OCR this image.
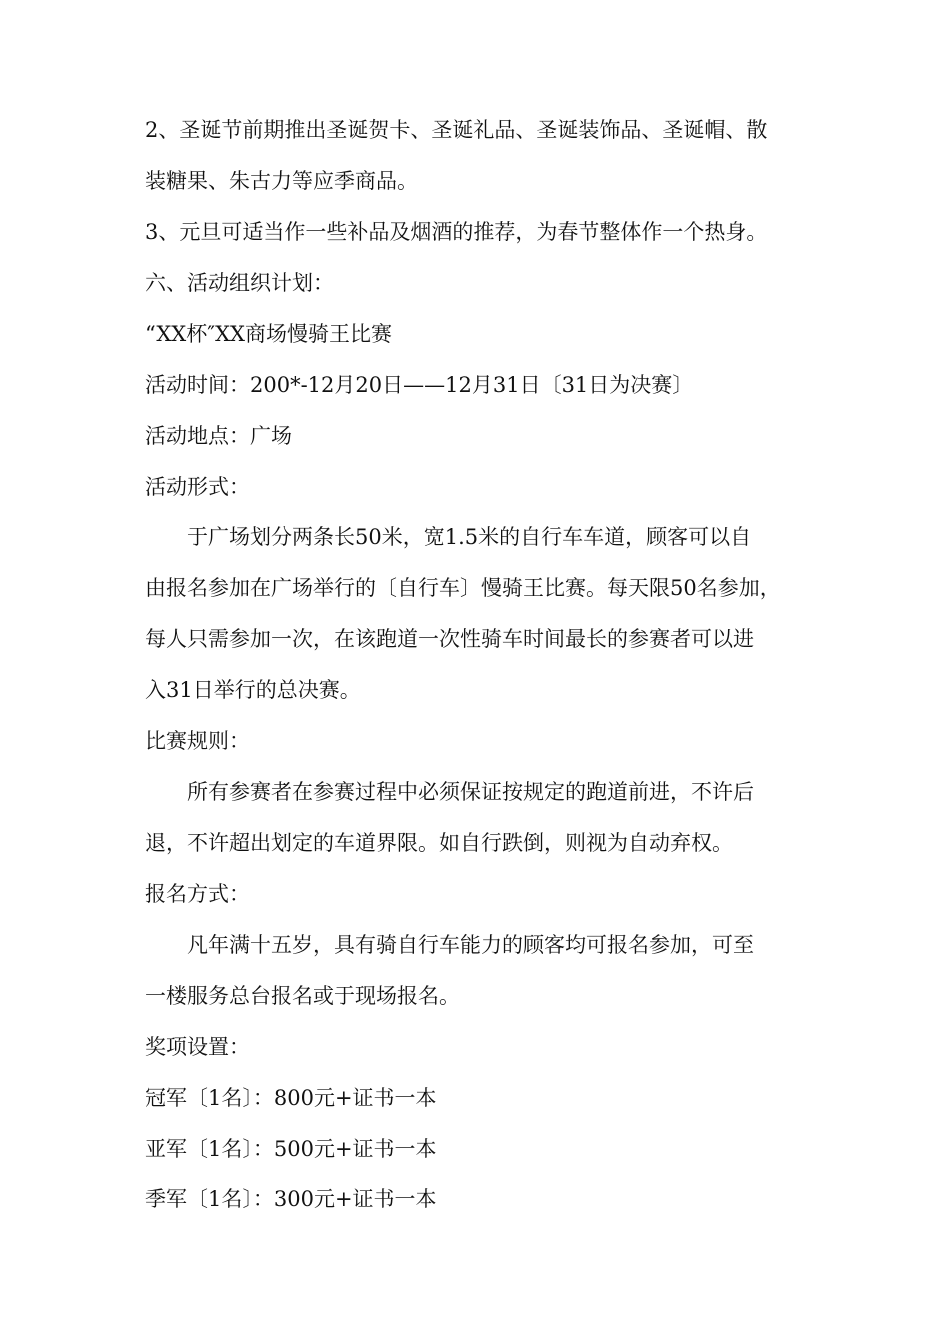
2、圣诞节前期推出圣诞贺卡、圣诞礼品、圣诞装饰品、圣诞帽、散
装糖果、朱古力等应季商品。
3、元旦可适当作一些补品及烟酒的推荐，为春节整体作一个热身。
六、活动组织计划：
“XX杯″XX商场慢骑王比赛
活动时间：200*-12月20日——12月31日〔31日为决赛〕
活动地点：广场
活动形式：
于广场划分两条长50米，宽1.5米的自行车车道，顾客可以自
由报名参加在广场举行的〔自行车〕慢骑王比赛。每天限50名参加，
每人只需参加一次，在该跑道一次性骑车时间最长的参赛者可以进
入31日举行的总决赛。
比赛规则：
所有参赛者在参赛过程中必须保证按规定的跑道前进，不许后
退，不许超出划定的车道界限。如自行跌倒，则视为自动弃权。
报名方式：
凡年满十五岁，具有骑自行车能力的顾客均可报名参加，可至
一楼服务总台报名或于现场报名。
奖项设置：
冠军〔1名〕：800元+证书一本
亚军〔1名〕：500元+证书一本
季军〔1名〕：300元+证书一本
